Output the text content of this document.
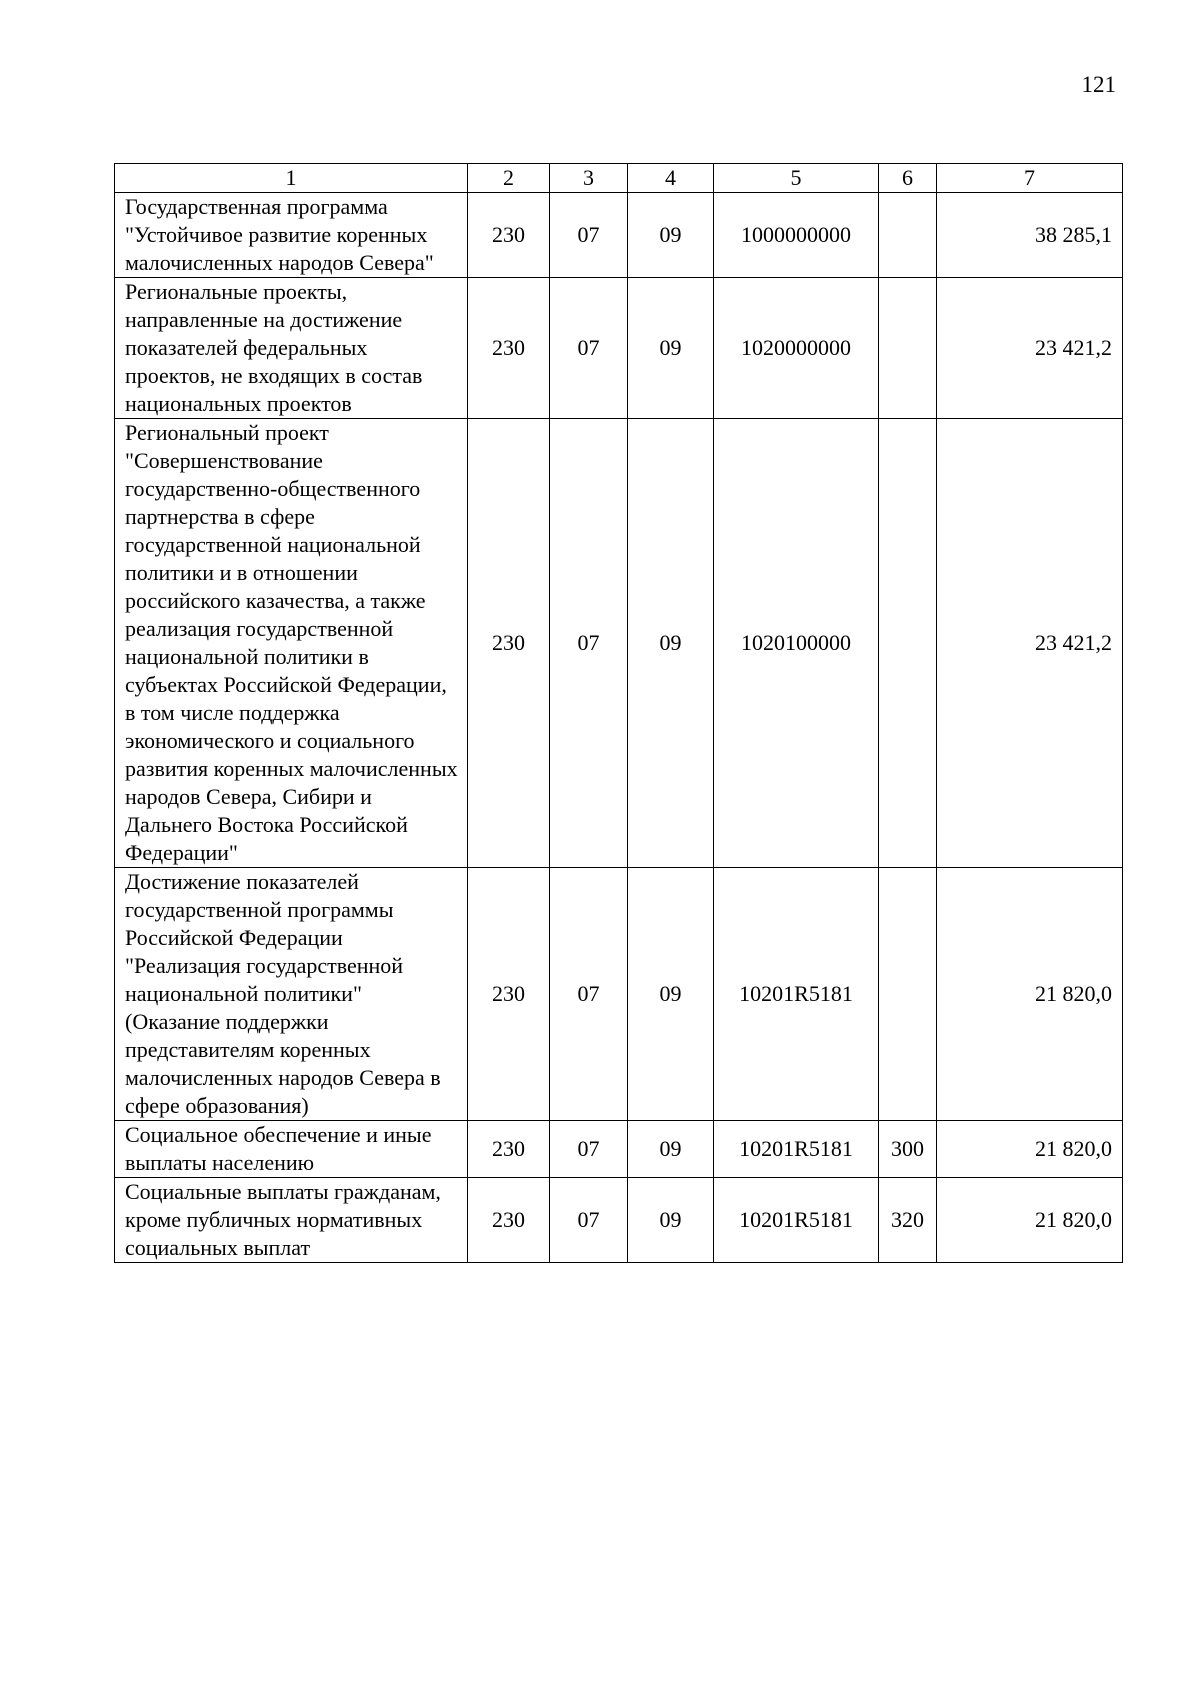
121
1	2	3	4	5	6	7
Государственная программа "Устойчивое развитие коренных малочисленных народов Севера"	230	07	09	1000000000		38 285,1
Региональные проекты, направленные на достижение показателей федеральных проектов, не входящих в состав национальных проектов	230	07	09	1020000000		23 421,2
Региональный проект "Совершенствование государственно-общественного партнерства в сфере государственной национальной политики и в отношении российского казачества, а также реализация государственной национальной политики в субъектах Российской Федерации, в том числе поддержка экономического и социального развития коренных малочисленных народов Севера, Сибири и Дальнего Востока Российской Федерации"	230	07	09	1020100000		23 421,2
Достижение показателей государственной программы Российской Федерации "Реализация государственной национальной политики" (Оказание поддержки представителям коренных малочисленных народов Севера в сфере образования)	230	07	09	10201R5181		21 820,0
Социальное обеспечение и иные выплаты населению	230	07	09	10201R5181	300	21 820,0
Социальные выплаты гражданам, кроме публичных нормативных социальных выплат	230	07	09	10201R5181	320	21 820,0
